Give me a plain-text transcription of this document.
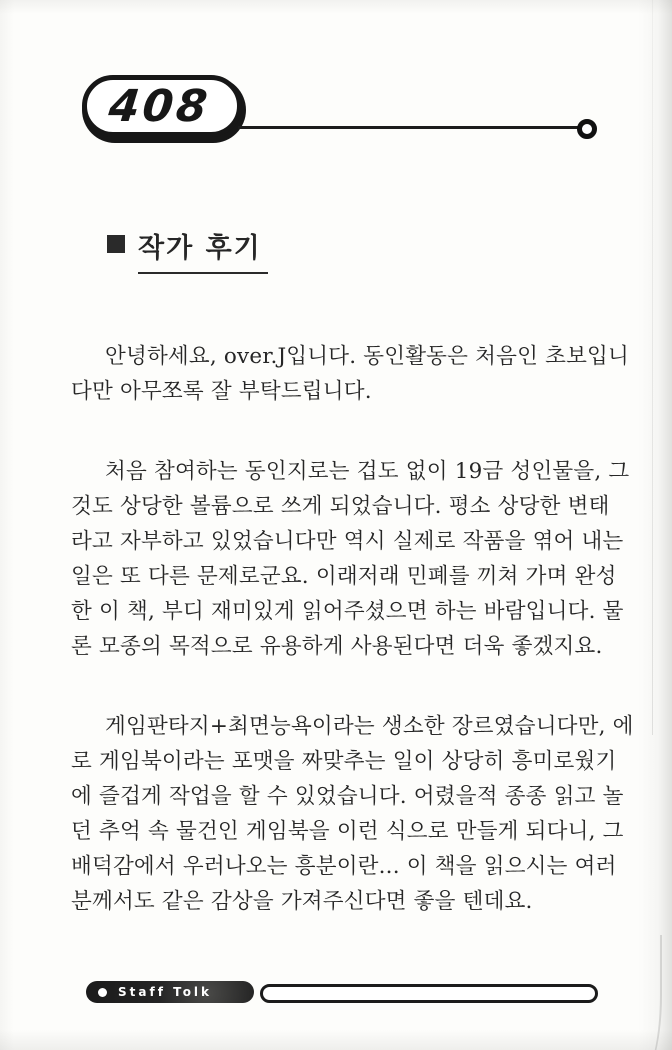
408
작가 후기
안녕하세요, over.J입니다. 동인활동은 처음인 초보입니
다만 아무쪼록 잘 부탁드립니다.
처음 참여하는 동인지로는 겁도 없이 19금 성인물을, 그
것도 상당한 볼륨으로 쓰게 되었습니다. 평소 상당한 변태
라고 자부하고 있었습니다만 역시 실제로 작품을 엮어 내는
일은 또 다른 문제로군요. 이래저래 민폐를 끼쳐 가며 완성
한 이 책, 부디 재미있게 읽어주셨으면 하는 바람입니다. 물
론 모종의 목적으로 유용하게 사용된다면 더욱 좋겠지요.
게임판타지+최면능욕이라는 생소한 장르였습니다만, 에
로 게임북이라는 포맷을 짜맞추는 일이 상당히 흥미로웠기
에 즐겁게 작업을 할 수 있었습니다. 어렸을적 종종 읽고 놀
던 추억 속 물건인 게임북을 이런 식으로 만들게 되다니, 그
배덕감에서 우러나오는 흥분이란... 이 책을 읽으시는 여러
분께서도 같은 감상을 가져주신다면 좋을 텐데요.
Staff Tolk
